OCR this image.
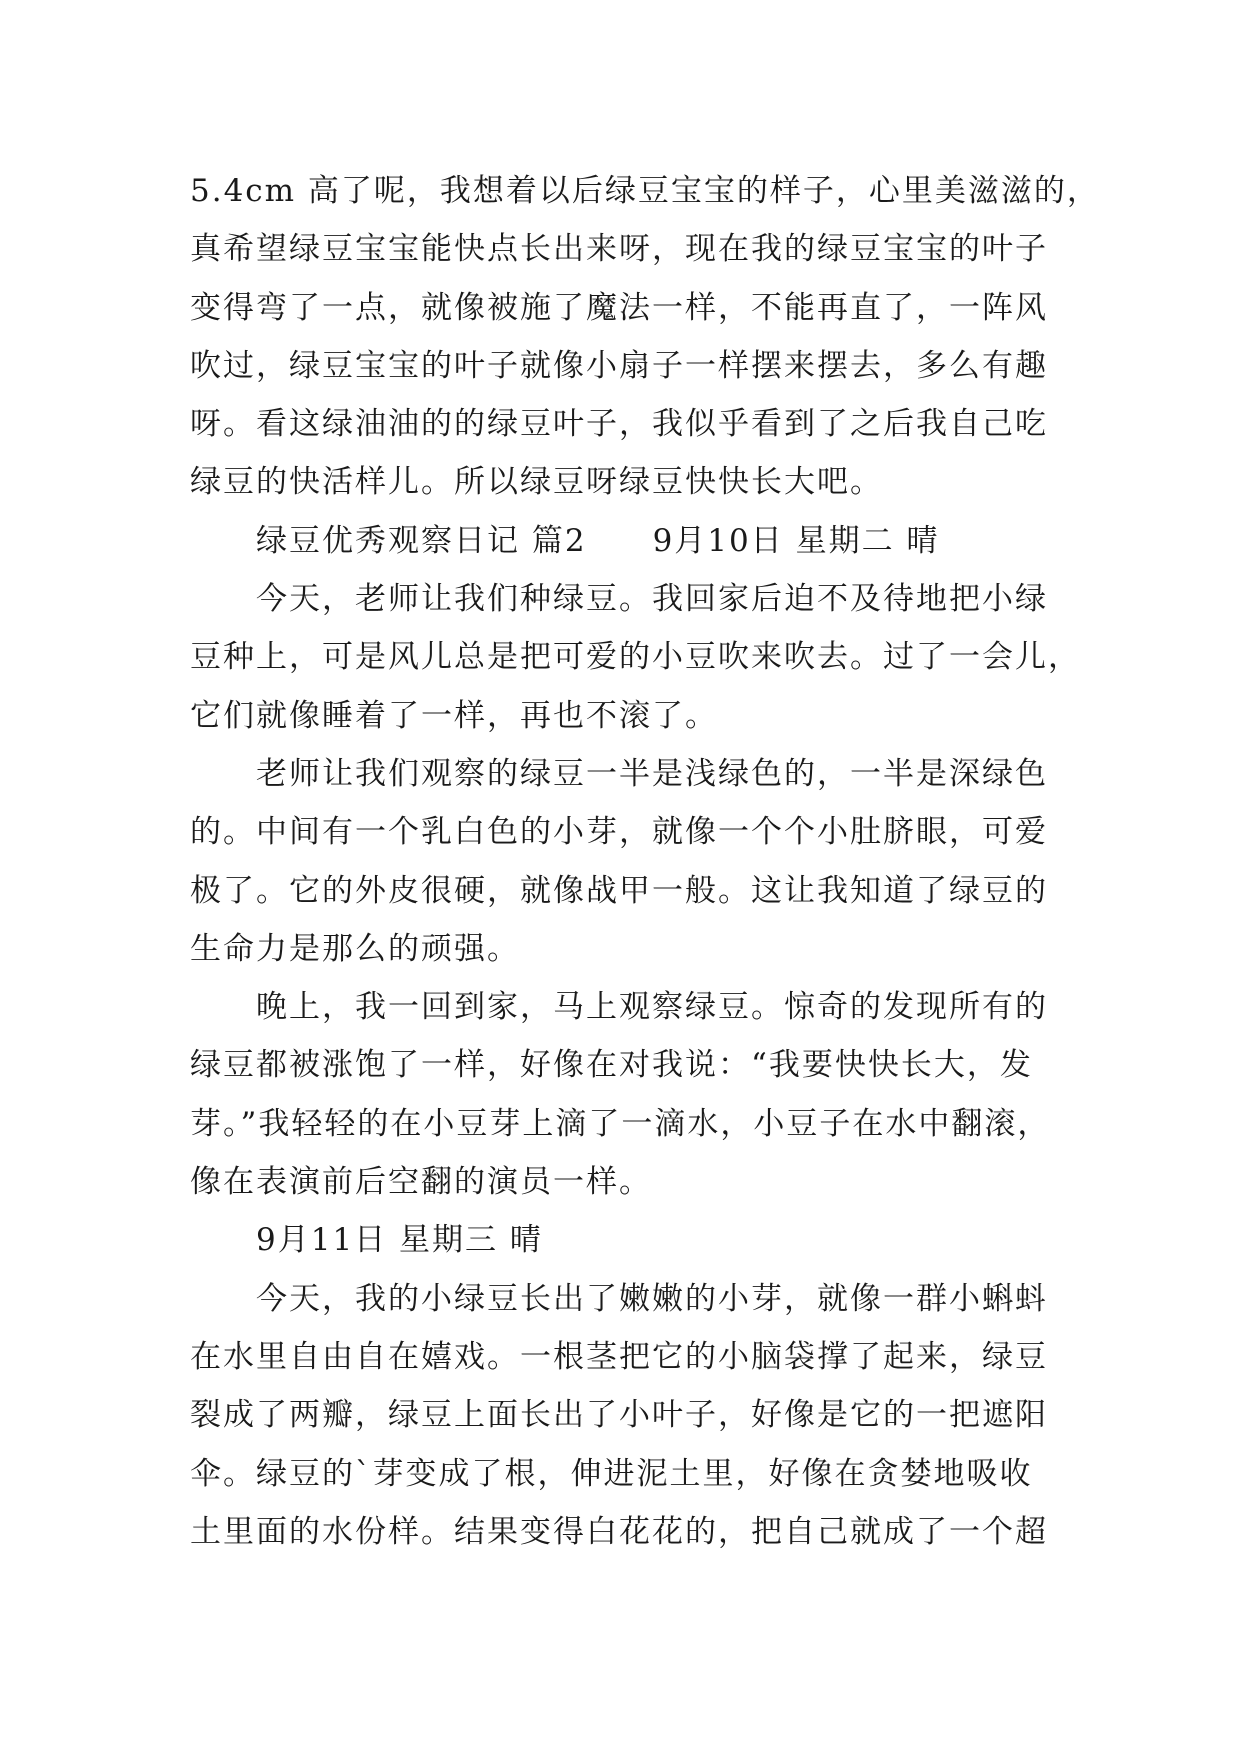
5.4cm 高了呢，我想着以后绿豆宝宝的样子，心里美滋滋的，
真希望绿豆宝宝能快点长出来呀，现在我的绿豆宝宝的叶子
变得弯了一点，就像被施了魔法一样，不能再直了，一阵风
吹过，绿豆宝宝的叶子就像小扇子一样摆来摆去，多么有趣
呀。看这绿油油的的绿豆叶子，我似乎看到了之后我自己吃
绿豆的快活样儿。所以绿豆呀绿豆快快长大吧。
绿豆优秀观察日记 篇2　　9月10日 星期二 晴
今天，老师让我们种绿豆。我回家后迫不及待地把小绿
豆种上，可是风儿总是把可爱的小豆吹来吹去。过了一会儿，
它们就像睡着了一样，再也不滚了。
老师让我们观察的绿豆一半是浅绿色的，一半是深绿色
的。中间有一个乳白色的小芽，就像一个个小肚脐眼，可爱
极了。它的外皮很硬，就像战甲一般。这让我知道了绿豆的
生命力是那么的顽强。
晚上，我一回到家，马上观察绿豆。惊奇的发现所有的
绿豆都被涨饱了一样，好像在对我说：“我要快快长大，发
芽。”我轻轻的在小豆芽上滴了一滴水，小豆子在水中翻滚，
像在表演前后空翻的演员一样。
9月11日 星期三 晴
今天，我的小绿豆长出了嫩嫩的小芽，就像一群小蝌蚪
在水里自由自在嬉戏。一根茎把它的小脑袋撑了起来，绿豆
裂成了两瓣，绿豆上面长出了小叶子，好像是它的一把遮阳
伞。绿豆的`芽变成了根，伸进泥土里，好像在贪婪地吸收
土里面的水份样。结果变得白花花的，把自己就成了一个超
